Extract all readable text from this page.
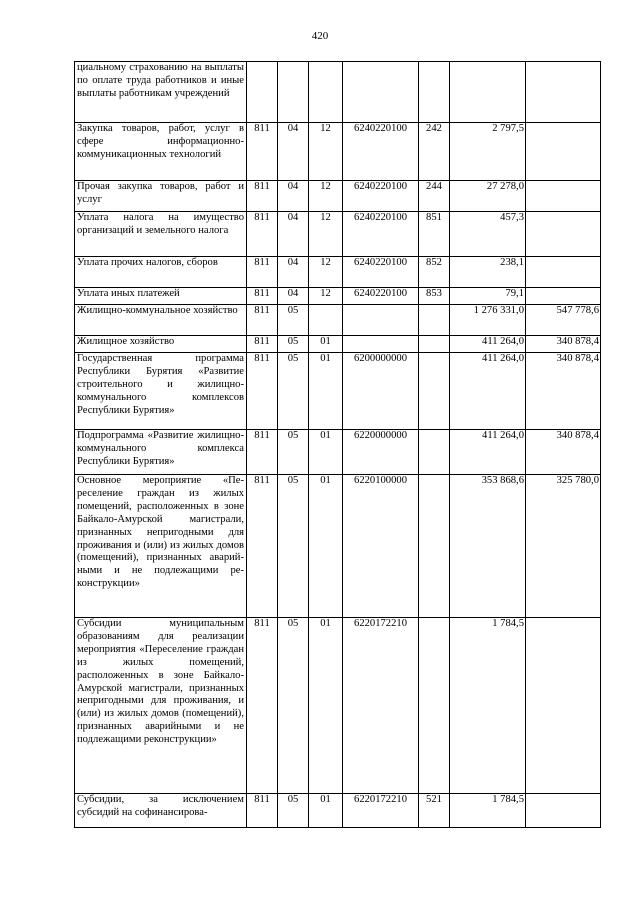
420
циальному страхованию на выплаты по оплате труда работников и иные выплаты работникам учреждений							
Закупка товаров, работ, услуг в сфере информационно-коммуникационных технологий	811	04	12	6240220100	242	2 797,5	
Прочая закупка товаров, работ и услуг	811	04	12	6240220100	244	27 278,0	
Уплата налога на имущество организаций и земельного налога	811	04	12	6240220100	851	457,3	
Уплата прочих налогов, сборов	811	04	12	6240220100	852	238,1	
Уплата иных платежей	811	04	12	6240220100	853	79,1	
Жилищно-коммунальное хозяйство	811	05				1 276 331,0	547 778,6
Жилищное хозяйство	811	05	01			411 264,0	340 878,4
Государственная программа Республики Бурятия «Развитие строительного и жилищно-коммунального комплексов Республики Бурятия»	811	05	01	6200000000		411 264,0	340 878,4
Подпрограмма «Развитие жилищно-коммунального комплекса Республики Бурятия»	811	05	01	6220000000		411 264,0	340 878,4
Основное мероприятие «Переселение граждан из жилых помещений, расположенных в зоне Байкало-Амурской магистрали, признанных непригодными для проживания и (или) из жилых домов (помещений), признанных аварийными и не подлежащими реконструкции»	811	05	01	6220100000		353 868,6	325 780,0
Субсидии муниципальным образованиям для реализации мероприятия «Переселение граждан из жилых помещений, расположенных в зоне Байкало-Амурской магистрали, признанных непригодными для проживания, и (или) из жилых домов (помещений), признанных аварийными и не подлежащими реконструкции»	811	05	01	6220172210		1 784,5	
Субсидии, за исключением субсидий на софинансирова-	811	05	01	6220172210	521	1 784,5	
